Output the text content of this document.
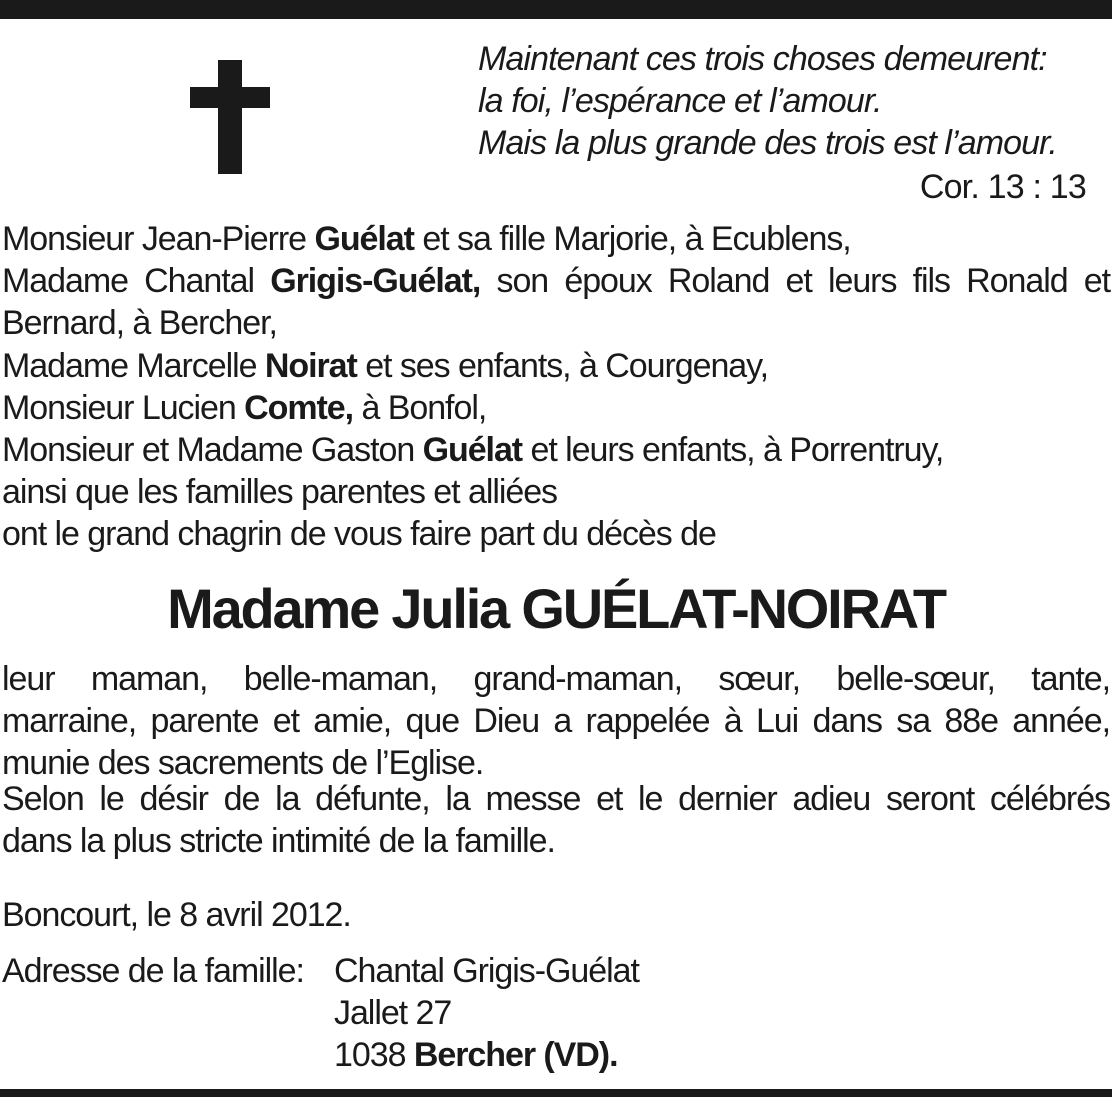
Maintenant ces trois choses demeurent:
la foi, l’espérance et l’amour.
Mais la plus grande des trois est l’amour.
Cor. 13 : 13
Monsieur Jean-Pierre Guélat et sa fille Marjorie, à Ecublens,
Madame Chantal Grigis-Guélat, son époux Roland et leurs fils Ronald et
Bernard, à Bercher,
Madame Marcelle Noirat et ses enfants, à Courgenay,
Monsieur Lucien Comte, à Bonfol,
Monsieur et Madame Gaston Guélat et leurs enfants, à Porrentruy,
ainsi que les familles parentes et alliées
ont le grand chagrin de vous faire part du décès de
Madame Julia GUÉLAT-NOIRAT
leur maman, belle-maman, grand-maman, sœur, belle-sœur, tante,
marraine, parente et amie, que Dieu a rappelée à Lui dans sa 88e année,
munie des sacrements de l’Eglise.
Selon le désir de la défunte, la messe et le dernier adieu seront célébrés
dans la plus stricte intimité de la famille.
Boncourt, le 8 avril 2012.
Adresse de la famille: Chantal Grigis-Guélat

Jallet 27

1038 Bercher (VD).
